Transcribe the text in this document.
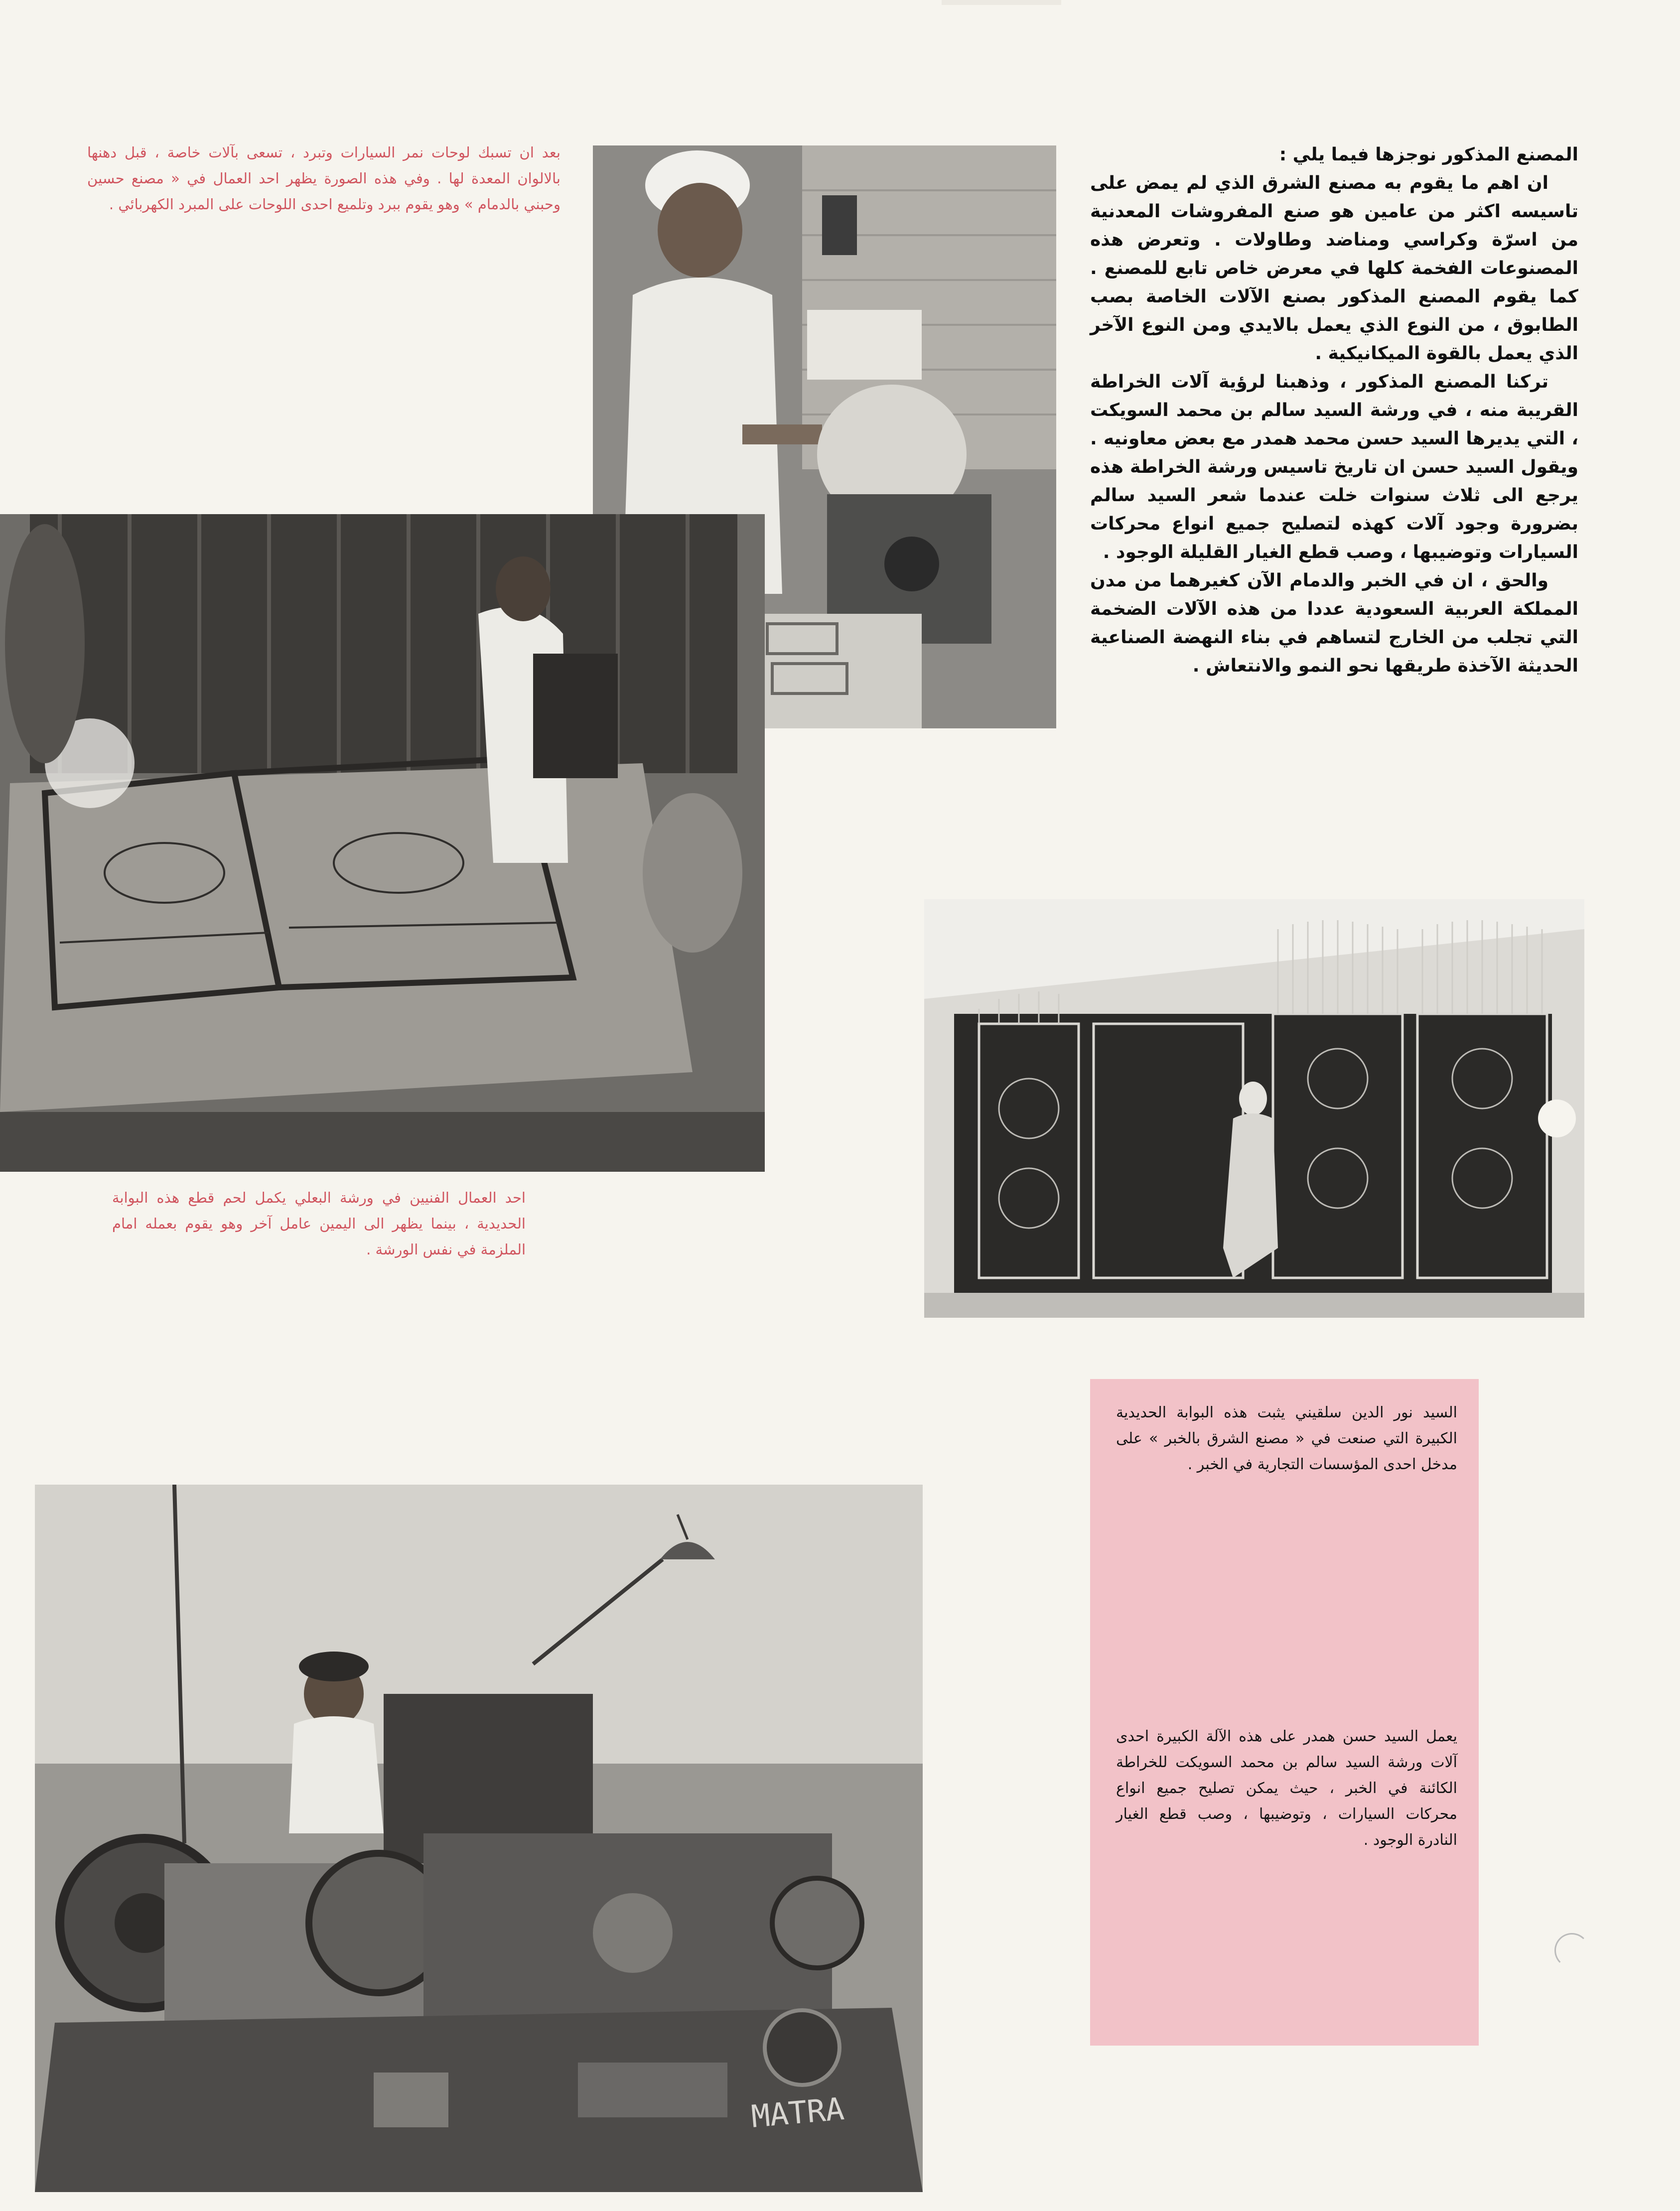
المصنع المذكور نوجزها فيما يلي :

ان اهم ما يقوم به مصنع الشرق الذي لم يمض على تاسيسه اكثر من عامين هو صنع المفروشات المعدنية من اسرّة وكراسي ومناضد وطاولات . وتعرض هذه المصنوعات الفخمة كلها في معرض خاص تابع للمصنع . كما يقوم المصنع المذكور بصنع الآلات الخاصة بصب الطابوق ، من النوع الذي يعمل بالايدي ومن النوع الآخر الذي يعمل بالقوة الميكانيكية .

تركنا المصنع المذكور ، وذهبنا لرؤية آلات الخراطة القريبة منه ، في ورشة السيد سالم بن محمد السويكت ، التي يديرها السيد حسن محمد همدر مع بعض معاونيه . ويقول السيد حسن ان تاريخ تاسيس ورشة الخراطة هذه يرجع الى ثلاث سنوات خلت عندما شعر السيد سالم بضرورة وجود آلات كهذه لتصليح جميع انواع محركات السيارات وتوضيبها ، وصب قطع الغيار القليلة الوجود .

والحق ، ان في الخبر والدمام الآن كغيرهما من مدن المملكة العربية السعودية عددا من هذه الآلات الضخمة التي تجلب من الخارج لتساهم في بناء النهضة الصناعية الحديثة الآخذة طريقها نحو النمو والانتعاش .

بعد ان تسبك لوحات نمر السيارات وتبرد ، تسعى بآلات خاصة ، قبل دهنها بالالوان المعدة لها . وفي هذه الصورة يظهر احد العمال في « مصنع حسين وحبني بالدمام » وهو يقوم ببرد وتلميع احدى اللوحات على المبرد الكهربائي .
احد العمال الفنيين في ورشة البعلي يكمل لحم قطع هذه البوابة الحديدية ، بينما يظهر الى اليمين عامل آخر وهو يقوم بعمله امام الملزمة في نفس الورشة .
السيد نور الدين سلقيني يثبت هذه البوابة الحديدية الكبيرة التي صنعت في « مصنع الشرق بالخبر » على مدخل احدى المؤسسات التجارية في الخبر .
يعمل السيد حسن همدر على هذه الآلة الكبيرة احدى آلات ورشة السيد سالم بن محمد السويكت للخراطة الكائنة في الخبر ، حيث يمكن تصليح جميع انواع محركات السيارات ، وتوضيبها ، وصب قطع الغيار النادرة الوجود .
MATRA
